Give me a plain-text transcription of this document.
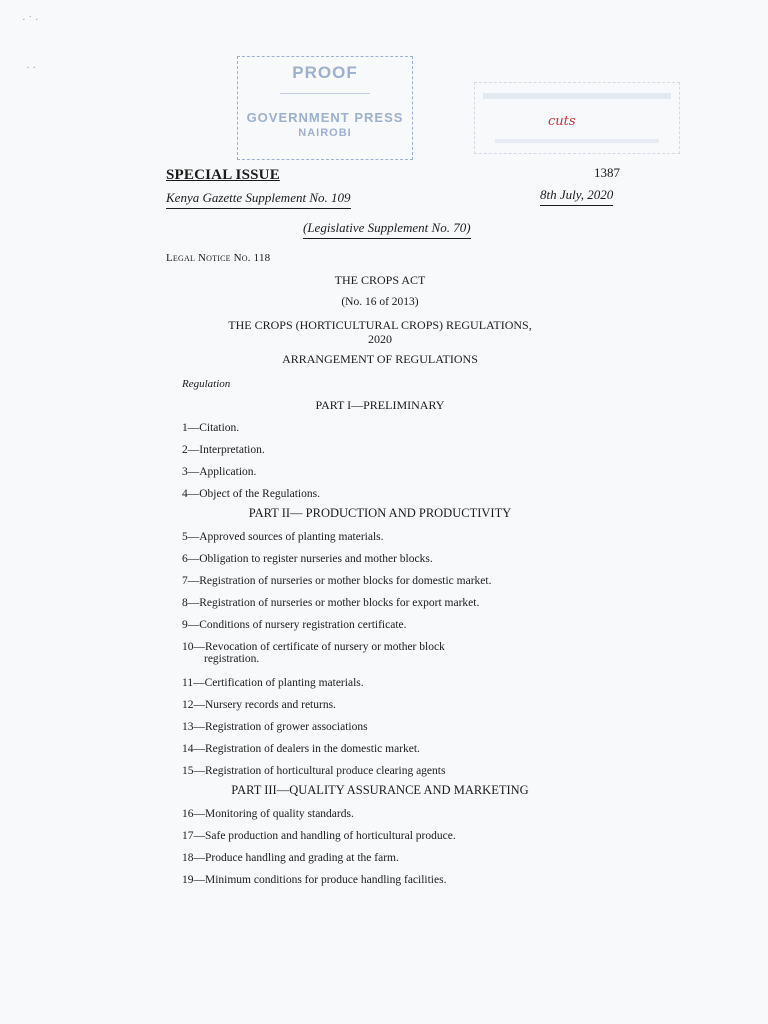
· ˙ ·
· ·	PROOF
GOVERNMENT PRESS
NAIROBI
cuts
SPECIAL ISSUE
Kenya Gazette Supplement No. 109
1387
8th July, 2020
(Legislative Supplement No. 70)
Legal Notice No. 118
THE CROPS ACT
(No. 16 of 2013)
THE CROPS (HORTICULTURAL CROPS) REGULATIONS,
2020
ARRANGEMENT OF REGULATIONS
Regulation
PART I—PRELIMINARY
1—Citation.
2—Interpretation.
3—Application.
4—Object of the Regulations.
PART II— PRODUCTION AND PRODUCTIVITY
5—Approved sources of planting materials.
6—Obligation to register nurseries and mother blocks.
7—Registration of nurseries or mother blocks for domestic market.
8—Registration of nurseries or mother blocks for export market.
9—Conditions of nursery registration certificate.
10—Revocation of certificate of nursery or mother block
registration.
11—Certification of planting materials.
12—Nursery records and returns.
13—Registration of grower associations
14—Registration of dealers in the domestic market.
15—Registration of horticultural produce clearing agents
PART III—QUALITY ASSURANCE AND MARKETING
16—Monitoring of quality standards.
17—Safe production and handling of horticultural produce.
18—Produce handling and grading at the farm.
19—Minimum conditions for produce handling facilities.
